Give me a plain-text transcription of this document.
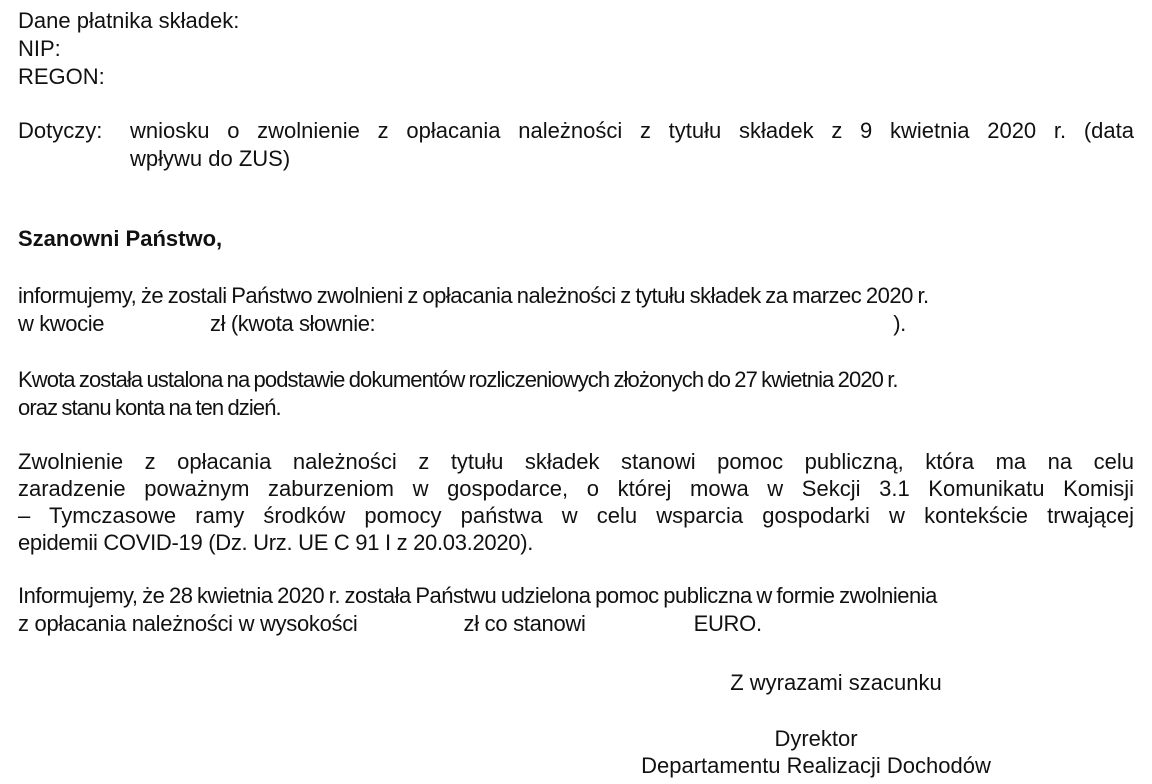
Dane płatnika składek:
NIP:
REGON:
Dotyczy: wniosku o zwolnienie z opłacania należności z tytułu składek z 9 kwietnia 2020 r. (data
wpływu do ZUS)
Szanowni Państwo,
informujemy, że zostali Państwo zwolnieni z opłacania należności z tytułu składek za marzec 2020 r.
w kwocie	zł (kwota słownie:	).
Kwota została ustalona na podstawie dokumentów rozliczeniowych złożonych do 27 kwietnia 2020 r.
oraz stanu konta na ten dzień.
Zwolnienie z opłacania należności z tytułu składek stanowi pomoc publiczną, która ma na celu
zaradzenie poważnym zaburzeniom w gospodarce, o której mowa w Sekcji 3.1 Komunikatu Komisji
– Tymczasowe ramy środków pomocy państwa w celu wsparcia gospodarki w kontekście trwającej
epidemii COVID-19 (Dz. Urz. UE C 91 I z 20.03.2020).
Informujemy, że 28 kwietnia 2020 r. została Państwu udzielona pomoc publiczna w formie zwolnienia
z opłacania należności w wysokości	zł co stanowi	EURO.
Z wyrazami szacunku
Dyrektor
Departamentu Realizacji Dochodów
